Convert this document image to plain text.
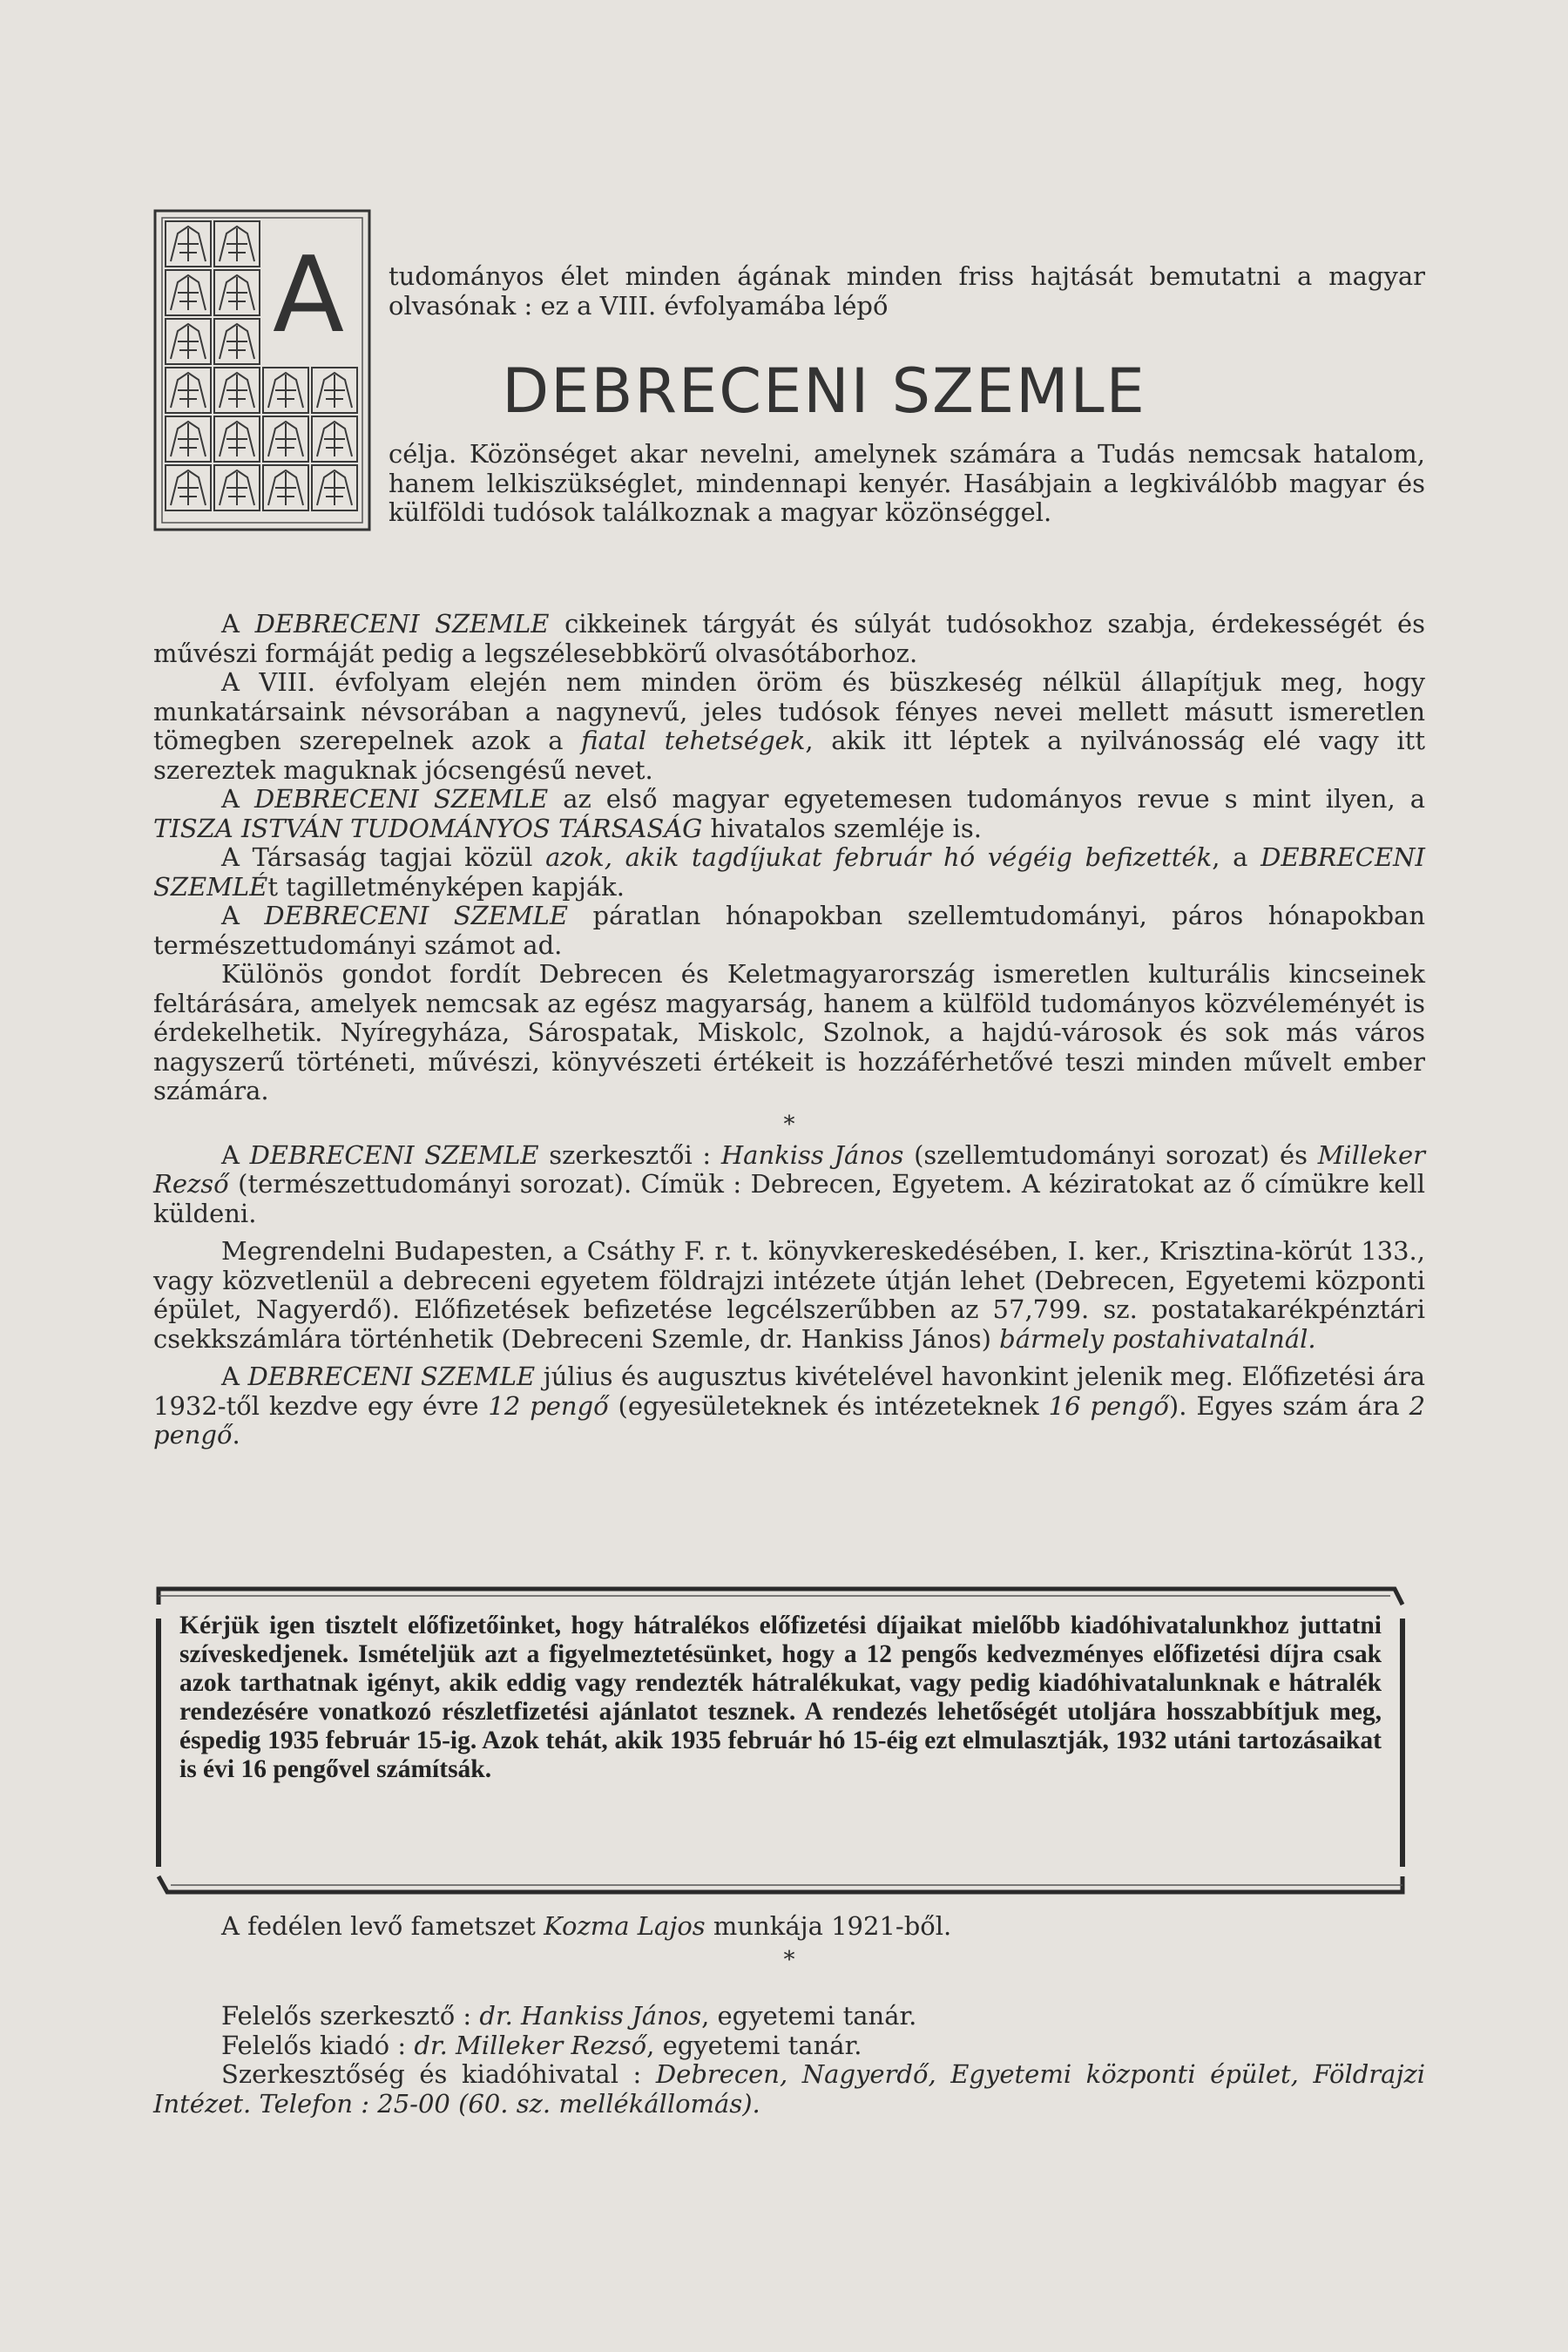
A tudományos élet minden ágának minden friss hajtását bemutatni a magyar olvasónak : ez a VIII. évfolyamába lépő

DEBRECENI SZEMLE

célja. Közönséget akar nevelni, amelynek számára a Tudás nemcsak hatalom, hanem lelkiszükséglet, mindennapi kenyér. Hasábjain a legkiválóbb magyar és külföldi tudósok találkoznak a magyar közönséggel.

A DEBRECENI SZEMLE cikkeinek tárgyát és súlyát tudósokhoz szabja, érdekességét és művészi formáját pedig a legszélesebbkörű olvasótáborhoz.

A VIII. évfolyam elején nem minden öröm és büszkeség nélkül állapítjuk meg, hogy munkatársaink névsorában a nagynevű, jeles tudósok fényes nevei mellett másutt ismeretlen tömegben szerepelnek azok a fiatal tehetségek, akik itt léptek a nyilvánosság elé vagy itt szereztek maguknak jócsengésű nevet.

A DEBRECENI SZEMLE az első magyar egyetemesen tudományos revue s mint ilyen, a TISZA ISTVÁN TUDOMÁNYOS TÁRSASÁG hivatalos szemléje is.

A Társaság tagjai közül azok, akik tagdíjukat február hó végéig befizették, a DEBRECENI SZEMLÉt tagilletményképen kapják.

A DEBRECENI SZEMLE páratlan hónapokban szellemtudományi, páros hónapokban természettudományi számot ad.

Különös gondot fordít Debrecen és Keletmagyarország ismeretlen kulturális kincseinek feltárására, amelyek nemcsak az egész magyarság, hanem a külföld tudományos közvéleményét is érdekelhetik. Nyíregyháza, Sárospatak, Miskolc, Szolnok, a hajdú-városok és sok más város nagyszerű történeti, művészi, könyvészeti értékeit is hozzáférhetővé teszi minden művelt ember számára.

*

A DEBRECENI SZEMLE szerkesztői : Hankiss János (szellemtudományi sorozat) és Milleker Rezső (természettudományi sorozat). Címük : Debrecen, Egyetem. A kéziratokat az ő címükre kell küldeni.

Megrendelni Budapesten, a Csáthy F. r. t. könyvkereskedésében, I. ker., Krisztina-körút 133., vagy közvetlenül a debreceni egyetem földrajzi intézete útján lehet (Debrecen, Egyetemi központi épület, Nagyerdő). Előfizetések befizetése legcélszerűbben az 57,799. sz. postatakarékpénztári csekkszámlára történhetik (Debreceni Szemle, dr. Hankiss János) bármely postahivatalnál.

A DEBRECENI SZEMLE július és augusztus kivételével havonkint jelenik meg. Előfizetési ára 1932-től kezdve egy évre 12 pengő (egyesületeknek és intézeteknek 16 pengő). Egyes szám ára 2 pengő.

Kérjük igen tisztelt előfizetőinket, hogy hátralékos előfizetési díjaikat mielőbb kiadóhivatalunkhoz juttatni szíveskedjenek. Ismételjük azt a figyelmeztetésünket, hogy a 12 pengős kedvezményes előfizetési díjra csak azok tarthatnak igényt, akik eddig vagy rendezték hátralékukat, vagy pedig kiadóhivatalunknak e hátralék rendezésére vonatkozó részletfizetési ajánlatot tesznek. A rendezés lehetőségét utoljára hosszabbítjuk meg, éspedig 1935 február 15-ig. Azok tehát, akik 1935 február hó 15-éig ezt elmulasztják, 1932 utáni tartozásaikat is évi 16 pengővel számítsák.

A fedélen levő fametszet Kozma Lajos munkája 1921-ből.

*

Felelős szerkesztő : dr. Hankiss János, egyetemi tanár.

Felelős kiadó : dr. Milleker Rezső, egyetemi tanár.

Szerkesztőség és kiadóhivatal : Debrecen, Nagyerdő, Egyetemi központi épület, Földrajzi Intézet. Telefon : 25-00 (60. sz. mellékállomás).
